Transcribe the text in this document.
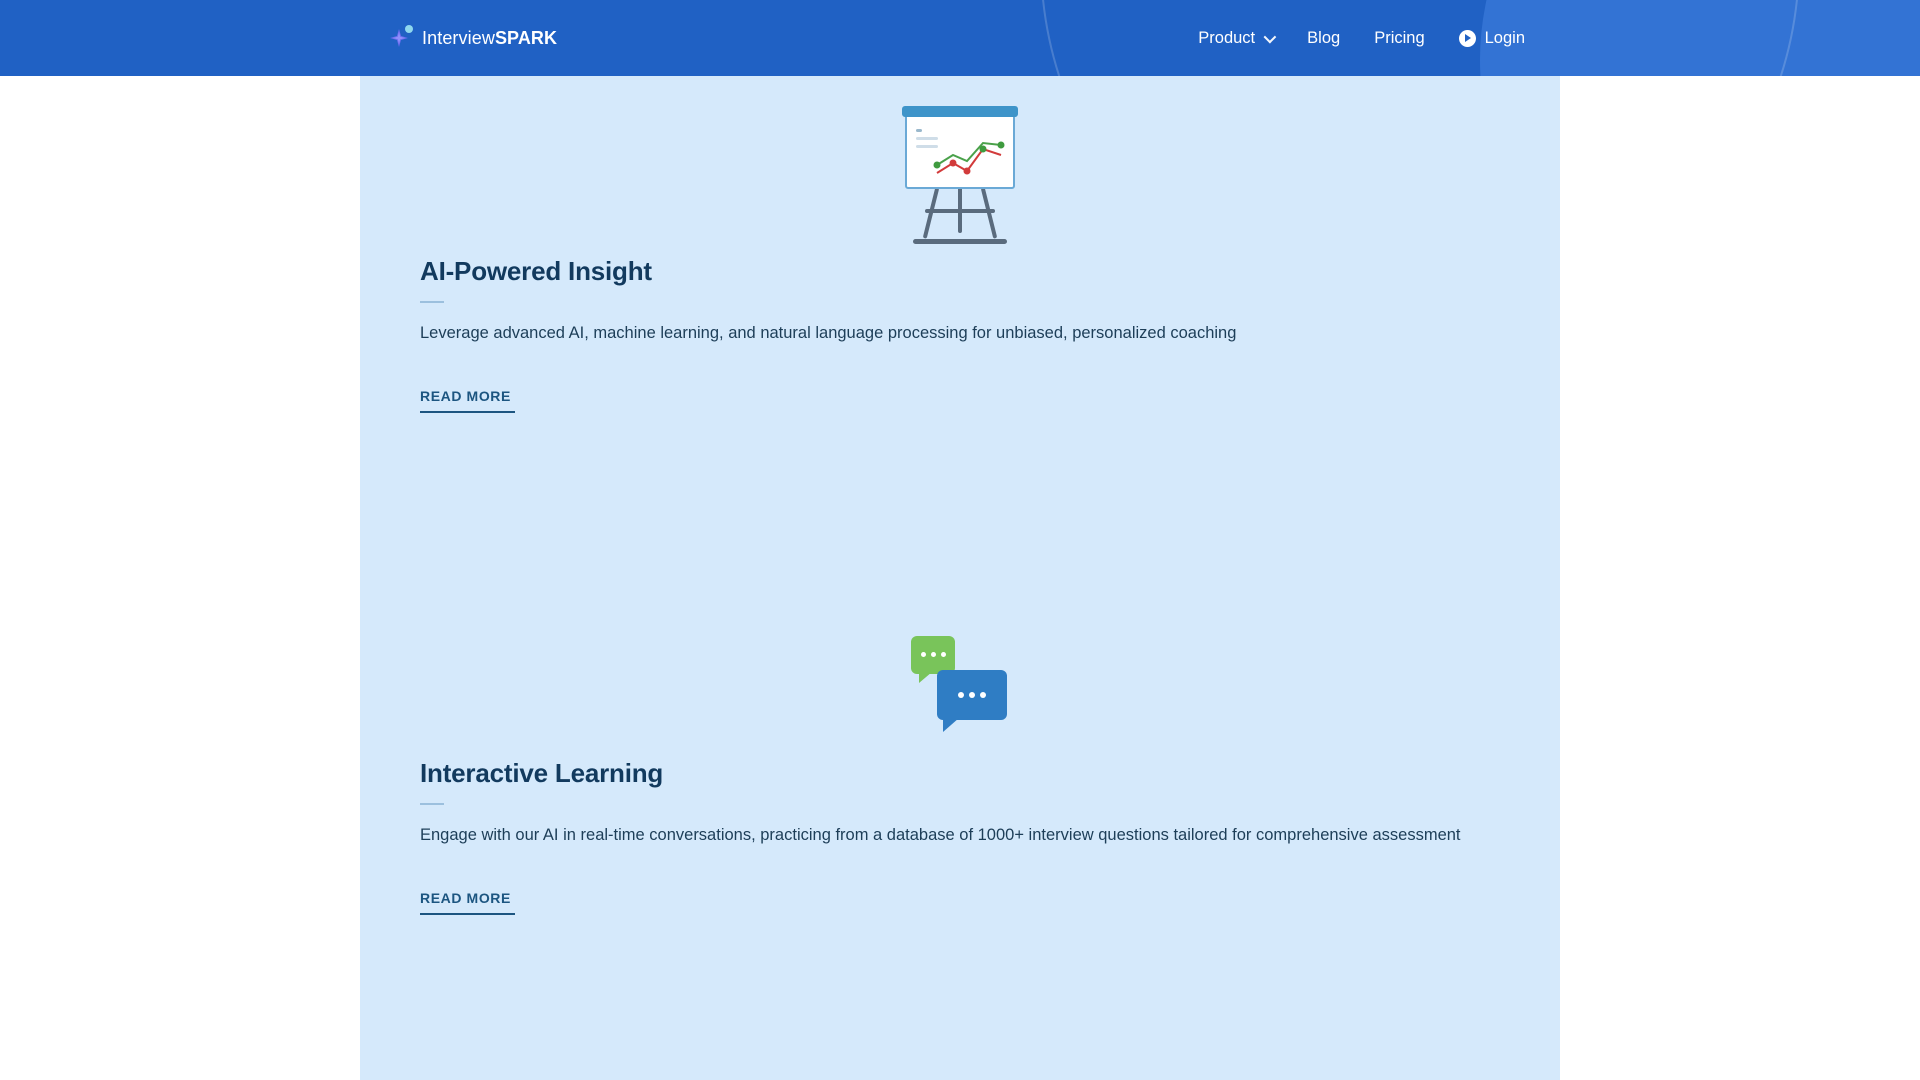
InterviewSPARK	Product	Blog Pricing	Login
AI-Powered Insight

Leverage advanced AI, machine learning, and natural language processing for unbiased, personalized coaching

READ MORE
Interactive Learning

Engage with our AI in real-time conversations, practicing from a database of 1000+ interview questions tailored for comprehensive assessment

READ MORE
